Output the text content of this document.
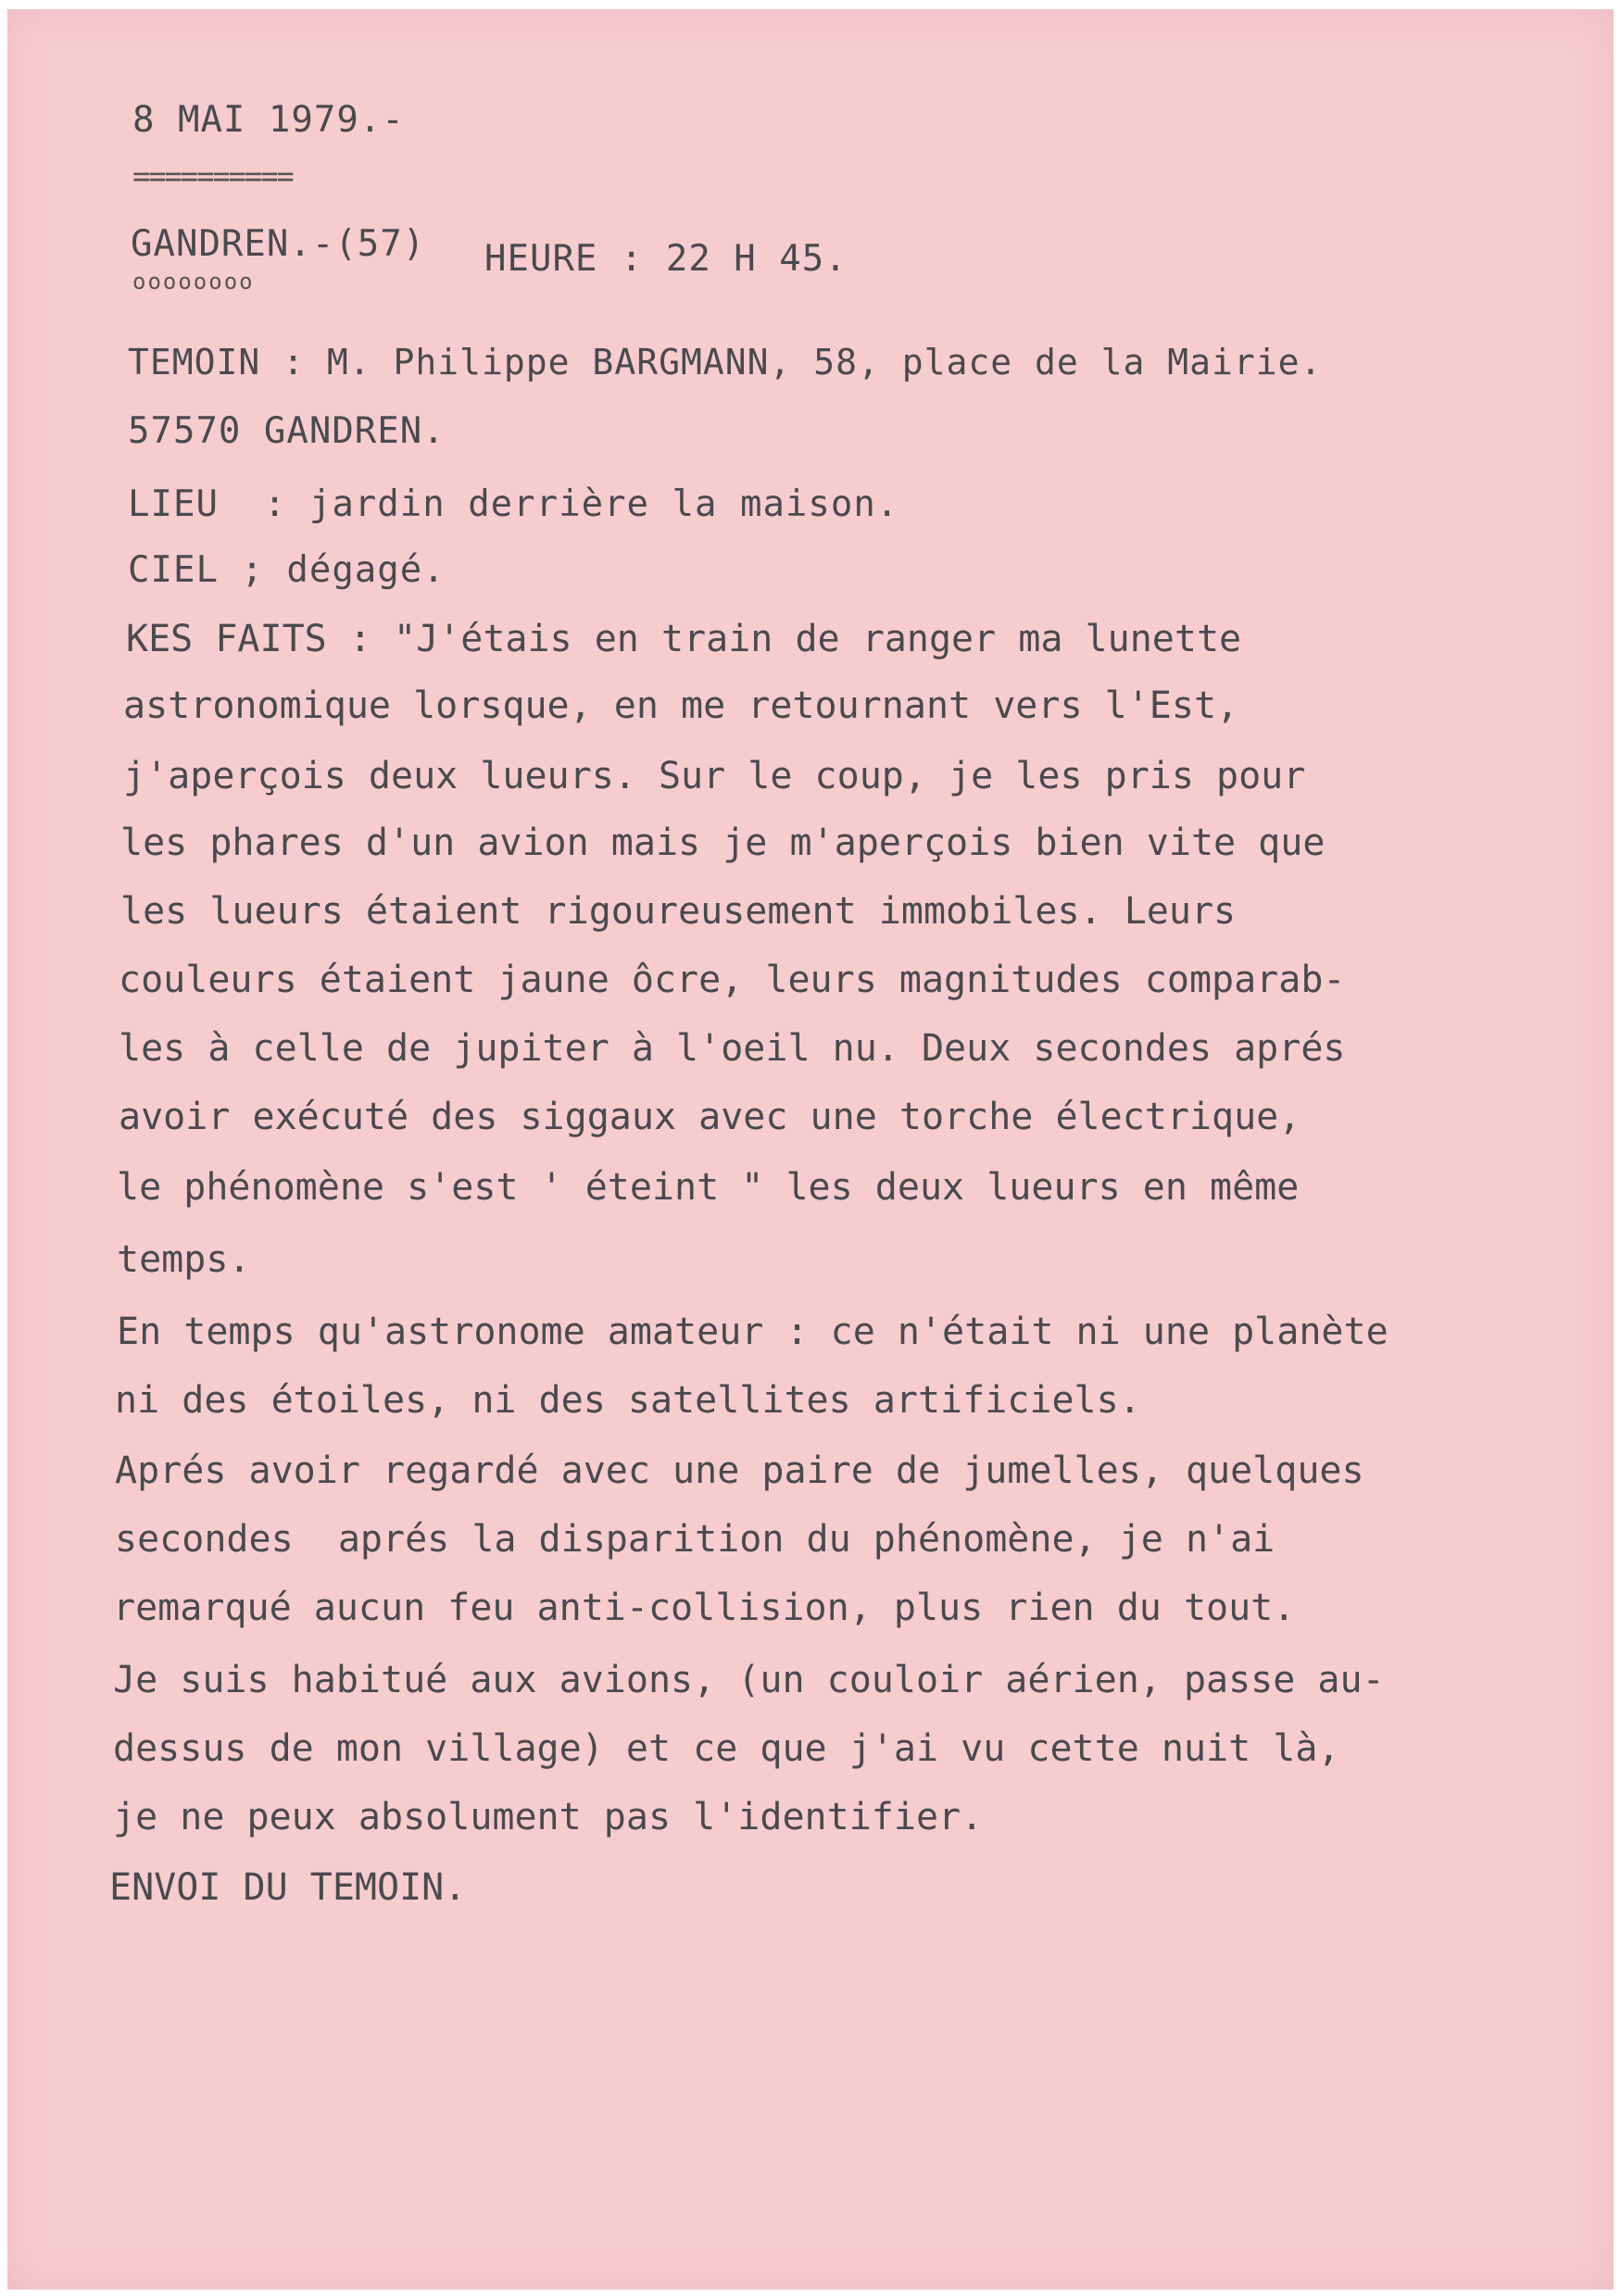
8 MAI 1979.-
==========
GANDREN.-(57)
oooooooo
HEURE : 22 H 45.
TEMOIN : M. Philippe BARGMANN, 58, place de la Mairie.
57570 GANDREN.
LIEU  : jardin derrière la maison.
CIEL ; dégagé.
KES FAITS : "J'étais en train de ranger ma lunette
astronomique lorsque, en me retournant vers l'Est,
j'aperçois deux lueurs. Sur le coup, je les pris pour
les phares d'un avion mais je m'aperçois bien vite que
les lueurs étaient rigoureusement immobiles. Leurs
couleurs étaient jaune ôcre, leurs magnitudes comparab-
les à celle de jupiter à l'oeil nu. Deux secondes aprés
avoir exécuté des siggaux avec une torche électrique,
le phénomène s'est ' éteint " les deux lueurs en même
temps.
En temps qu'astronome amateur : ce n'était ni une planète
ni des étoiles, ni des satellites artificiels.
Aprés avoir regardé avec une paire de jumelles, quelques
secondes  aprés la disparition du phénomène, je n'ai
remarqué aucun feu anti-collision, plus rien du tout.
Je suis habitué aux avions, (un couloir aérien, passe au-
dessus de mon village) et ce que j'ai vu cette nuit là,
je ne peux absolument pas l'identifier.
ENVOI DU TEMOIN.
